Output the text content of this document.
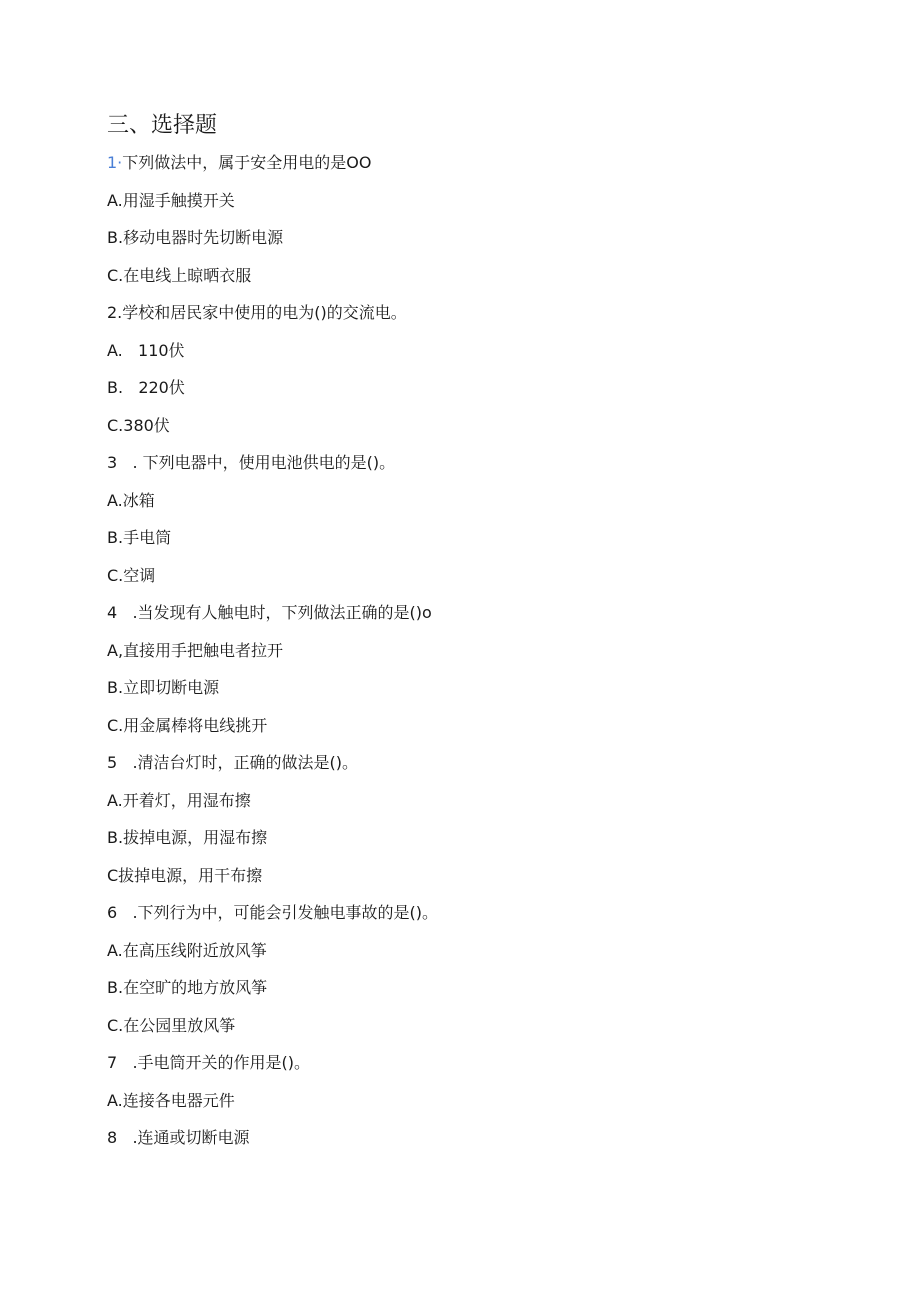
三、选择题
1·下列做法中，属于安全用电的是OO
A.用湿手触摸开关
B.移动电器时先切断电源
C.在电线上晾晒衣服
2.学校和居民家中使用的电为()的交流电。
A.   110伏
B.   220伏
C.380伏
3   . 下列电器中，使用电池供电的是()。
A.冰箱
B.手电筒
C.空调
4   .当发现有人触电时，下列做法正确的是()o
A,直接用手把触电者拉开
B.立即切断电源
C.用金属棒将电线挑开
5   .清洁台灯时，正确的做法是()。
A.开着灯，用湿布擦
B.拔掉电源，用湿布擦
C拔掉电源，用干布擦
6   .下列行为中，可能会引发触电事故的是()。
A.在高压线附近放风筝
B.在空旷的地方放风筝
C.在公园里放风筝
7   .手电筒开关的作用是()。
A.连接各电器元件
8   .连通或切断电源
